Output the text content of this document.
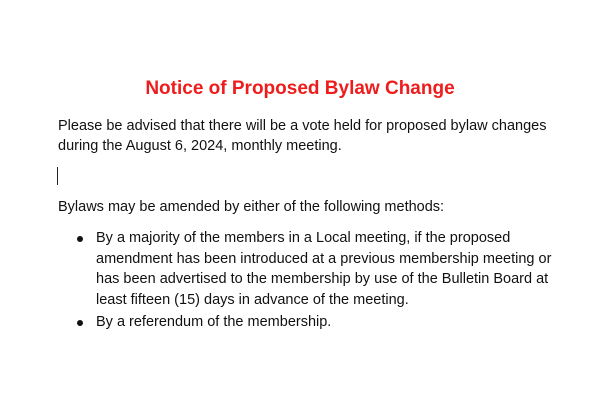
Notice of Proposed Bylaw Change

Please be advised that there will be a vote held for proposed bylaw changes during the August 6, 2024, monthly meeting.

Bylaws may be amended by either of the following methods:

By a majority of the members in a Local meeting, if the proposed amendment has been introduced at a previous membership meeting or has been advertised to the membership by use of the Bulletin Board at least fifteen (15) days in advance of the meeting.
By a referendum of the membership.
